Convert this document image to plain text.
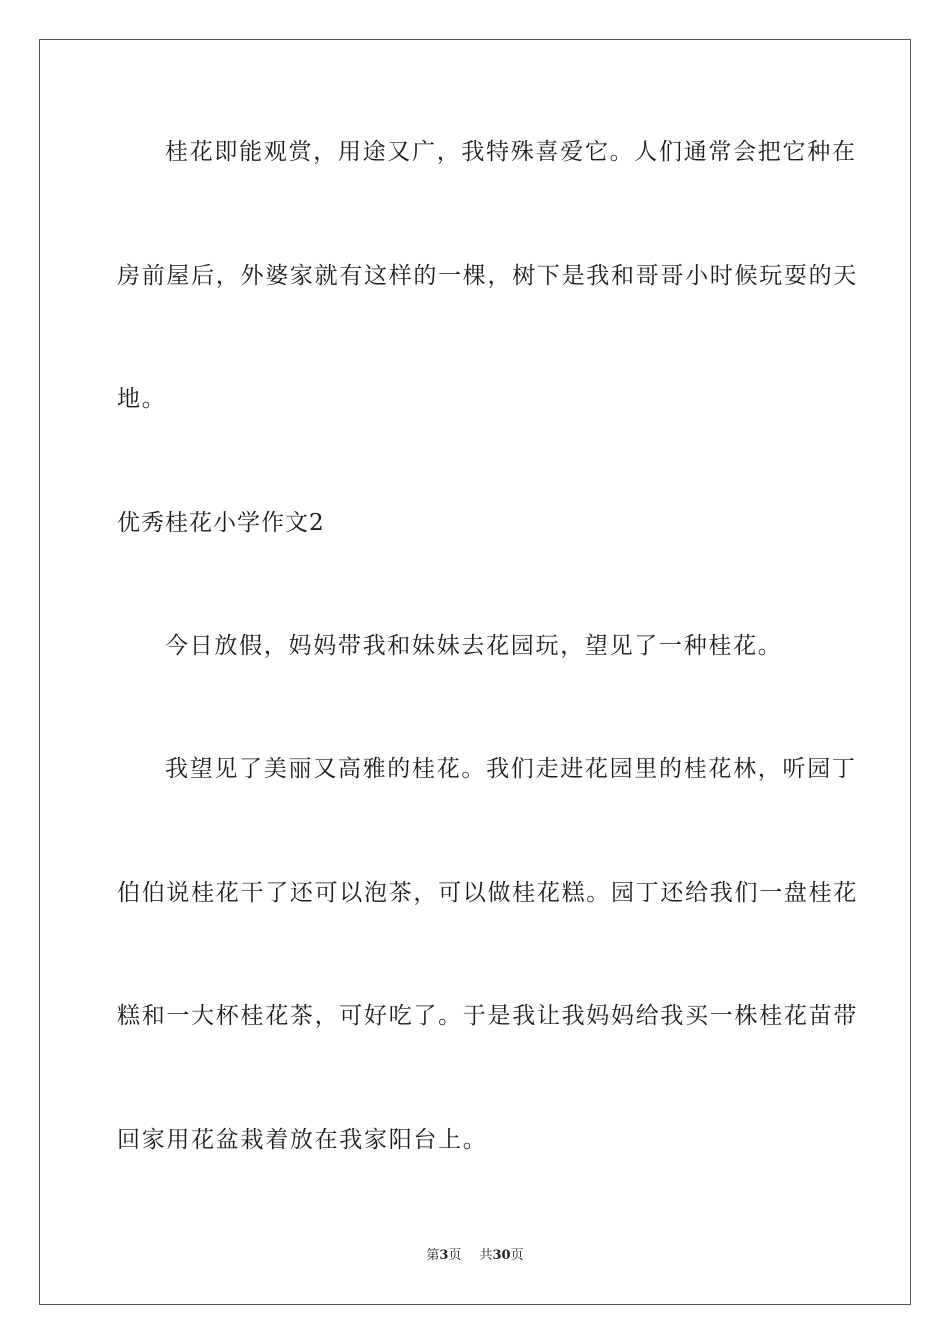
桂花即能观赏，用途又广，我特殊喜爱它。人们通常会把它种在
房前屋后，外婆家就有这样的一棵，树下是我和哥哥小时候玩耍的天
地。
优秀桂花小学作文2
今日放假，妈妈带我和妹妹去花园玩，望见了一种桂花。
我望见了美丽又高雅的桂花。我们走进花园里的桂花林，听园丁
伯伯说桂花干了还可以泡茶，可以做桂花糕。园丁还给我们一盘桂花
糕和一大杯桂花茶，可好吃了。于是我让我妈妈给我买一株桂花苗带
回家用花盆栽着放在我家阳台上。
第3页 共30页
